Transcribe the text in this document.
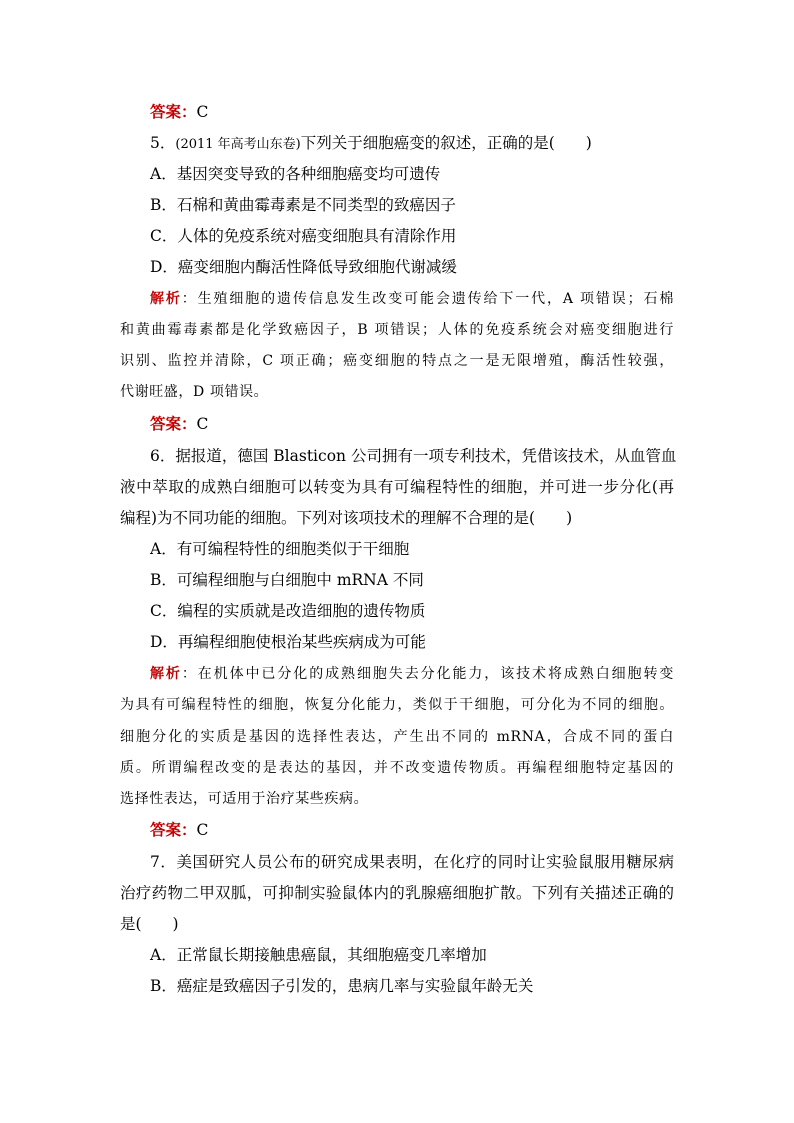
答案：C
5．(2011 年高考山东卷)下列关于细胞癌变的叙述，正确的是(　　)
A．基因突变导致的各种细胞癌变均可遗传
B．石棉和黄曲霉毒素是不同类型的致癌因子
C．人体的免疫系统对癌变细胞具有清除作用
D．癌变细胞内酶活性降低导致细胞代谢减缓
解析：生殖细胞的遗传信息发生改变可能会遗传给下一代，A 项错误；石棉
和黄曲霉毒素都是化学致癌因子，B 项错误；人体的免疫系统会对癌变细胞进行
识别、监控并清除，C 项正确；癌变细胞的特点之一是无限增殖，酶活性较强，
代谢旺盛，D 项错误。
答案：C
6．据报道，德国 Blasticon 公司拥有一项专利技术，凭借该技术，从血管血
液中萃取的成熟白细胞可以转变为具有可编程特性的细胞，并可进一步分化(再
编程)为不同功能的细胞。下列对该项技术的理解不合理的是(　　)
A．有可编程特性的细胞类似于干细胞
B．可编程细胞与白细胞中 mRNA 不同
C．编程的实质就是改造细胞的遗传物质
D．再编程细胞使根治某些疾病成为可能
解析：在机体中已分化的成熟细胞失去分化能力，该技术将成熟白细胞转变
为具有可编程特性的细胞，恢复分化能力，类似于干细胞，可分化为不同的细胞。
细胞分化的实质是基因的选择性表达，产生出不同的 mRNA，合成不同的蛋白
质。所谓编程改变的是表达的基因，并不改变遗传物质。再编程细胞特定基因的
选择性表达，可适用于治疗某些疾病。
答案：C
7．美国研究人员公布的研究成果表明，在化疗的同时让实验鼠服用糖尿病
治疗药物二甲双胍，可抑制实验鼠体内的乳腺癌细胞扩散。下列有关描述正确的
是(　　)
A．正常鼠长期接触患癌鼠，其细胞癌变几率增加
B．癌症是致癌因子引发的，患病几率与实验鼠年龄无关
